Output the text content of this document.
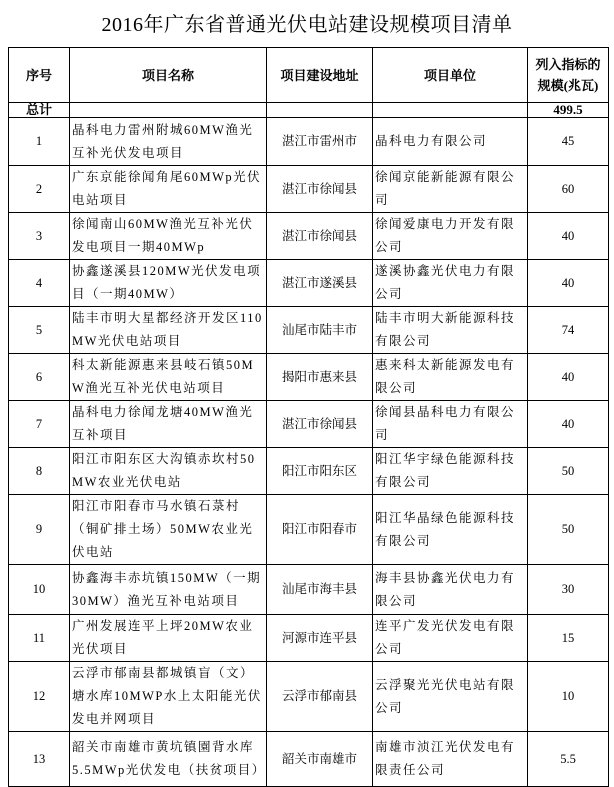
2016年广东省普通光伏电站建设规模项目清单
序号	项目名称	项目建设地址	项目单位	列入指标的规模(兆瓦)
总计				499.5
1	晶科电力雷州附城60MW渔光互补光伏发电项目	湛江市雷州市	晶科电力有限公司	45
2	广东京能徐闻角尾60MWp光伏电站项目	湛江市徐闻县	徐闻京能新能源有限公司	60
3	徐闻南山60MW渔光互补光伏发电项目一期40MWp	湛江市徐闻县	徐闻爱康电力开发有限公司	40
4	协鑫遂溪县120MW光伏发电项目（一期40MW）	湛江市遂溪县	遂溪协鑫光伏电力有限公司	40
5	陆丰市明大星都经济开发区110MW光伏电站项目	汕尾市陆丰市	陆丰市明大新能源科技有限公司	74
6	科太新能源惠来县岐石镇50MW渔光互补光伏电站项目	揭阳市惠来县	惠来科太新能源发电有限公司	40
7	晶科电力徐闻龙塘40MW渔光互补项目	湛江市徐闻县	徐闻县晶科电力有限公司	40
8	阳江市阳东区大沟镇赤坎村50MW农业光伏电站	阳江市阳东区	阳江华宇绿色能源科技有限公司	50
9	阳江市阳春市马水镇石菉村（铜矿排土场）50MW农业光伏电站	阳江市阳春市	阳江华晶绿色能源科技有限公司	50
10	协鑫海丰赤坑镇150MW（一期30MW）渔光互补电站项目	汕尾市海丰县	海丰县协鑫光伏电力有限公司	30
11	广州发展连平上坪20MW农业光伏项目	河源市连平县	连平广发光伏发电有限公司	15
12	云浮市郁南县都城镇盲（文）塘水库10MWP水上太阳能光伏发电并网项目	云浮市郁南县	云浮聚光光伏电站有限公司	10
13	韶关市南雄市黄坑镇園背水库5.5MWp光伏发电（扶贫项目）	韶关市南雄市	南雄市浈江光伏发电有限责任公司	5.5
